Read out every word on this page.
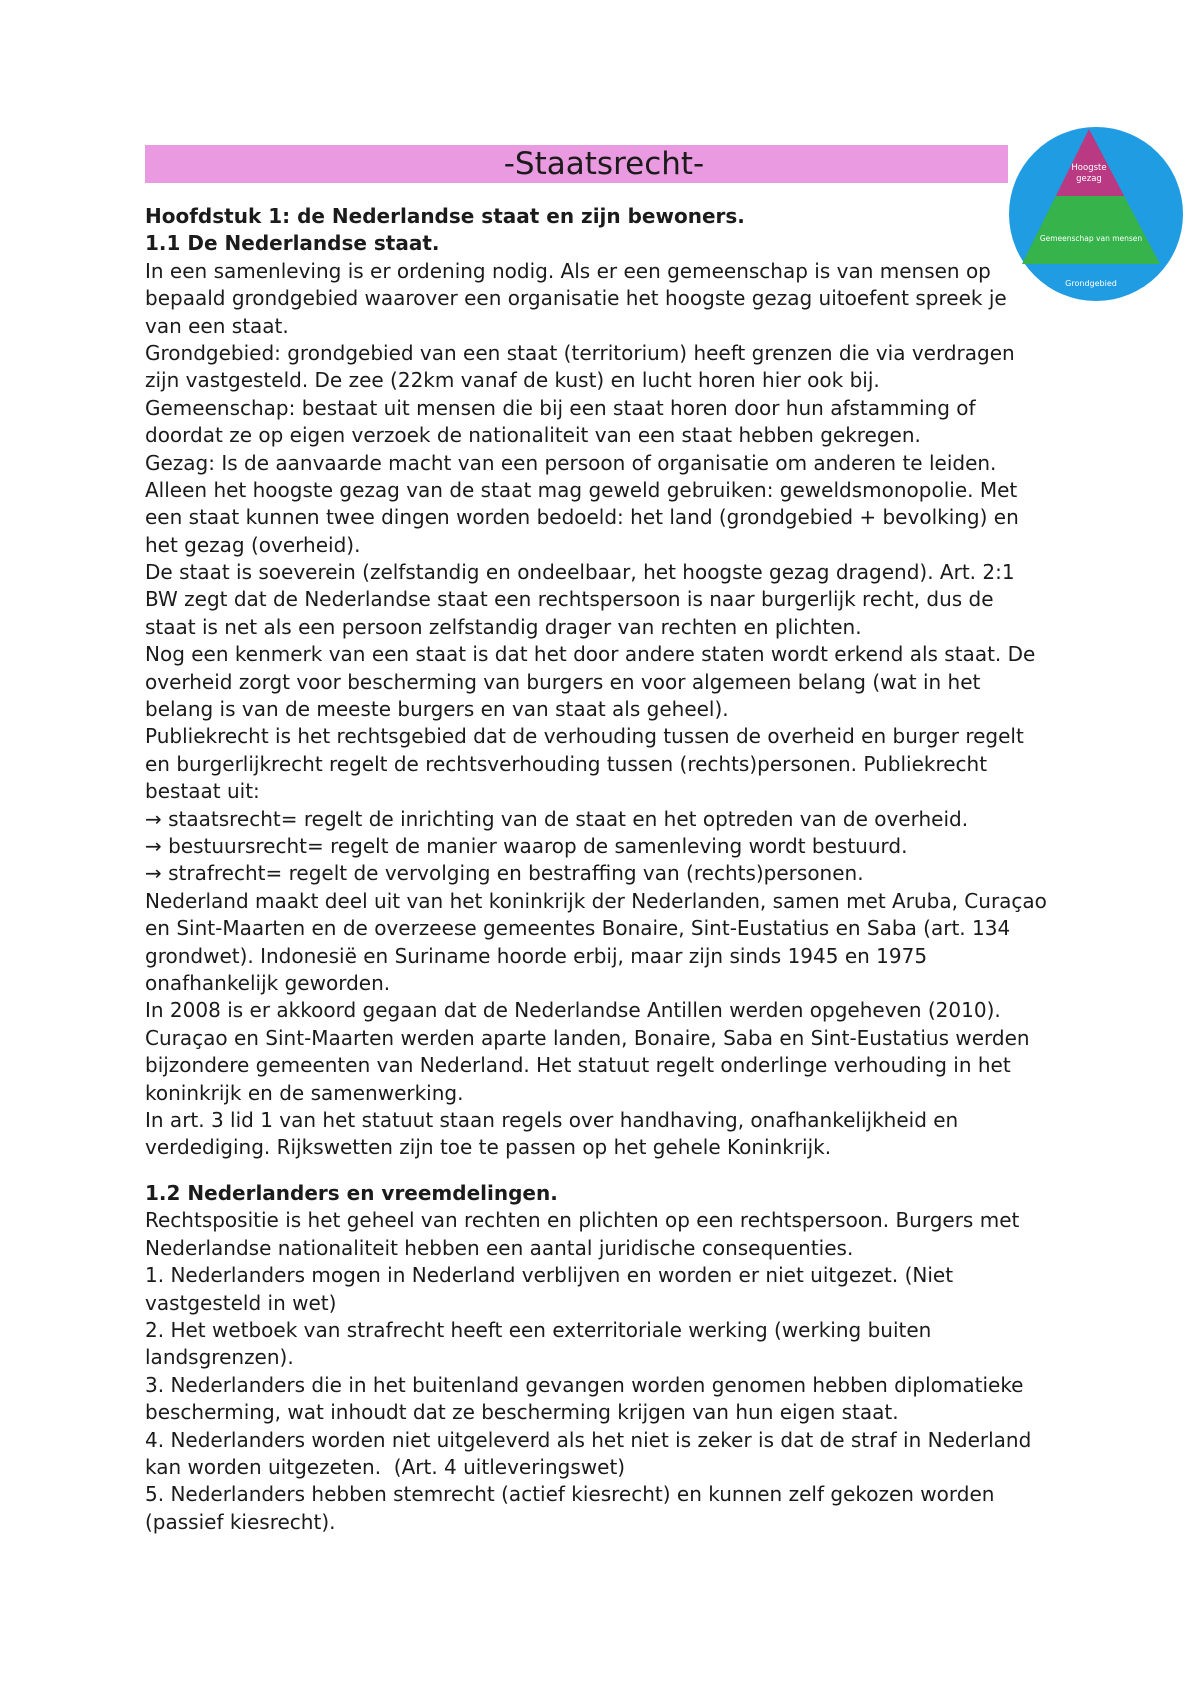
-Staatsrecht-	Hoogste
gezag
Gemeenschap van mensen
Grondgebied
Hoofdstuk 1: de Nederlandse staat en zijn bewoners.
1.1 De Nederlandse staat.
In een samenleving is er ordening nodig. Als er een gemeenschap is van mensen op
bepaald grondgebied waarover een organisatie het hoogste gezag uitoefent spreek je
van een staat.
Grondgebied: grondgebied van een staat (territorium) heeft grenzen die via verdragen
zijn vastgesteld. De zee (22km vanaf de kust) en lucht horen hier ook bij.
Gemeenschap: bestaat uit mensen die bij een staat horen door hun afstamming of
doordat ze op eigen verzoek de nationaliteit van een staat hebben gekregen.
Gezag: Is de aanvaarde macht van een persoon of organisatie om anderen te leiden.
Alleen het hoogste gezag van de staat mag geweld gebruiken: geweldsmonopolie. Met
een staat kunnen twee dingen worden bedoeld: het land (grondgebied + bevolking) en
het gezag (overheid).
De staat is soeverein (zelfstandig en ondeelbaar, het hoogste gezag dragend). Art. 2:1
BW zegt dat de Nederlandse staat een rechtspersoon is naar burgerlijk recht, dus de
staat is net als een persoon zelfstandig drager van rechten en plichten.
Nog een kenmerk van een staat is dat het door andere staten wordt erkend als staat. De
overheid zorgt voor bescherming van burgers en voor algemeen belang (wat in het
belang is van de meeste burgers en van staat als geheel).
Publiekrecht is het rechtsgebied dat de verhouding tussen de overheid en burger regelt
en burgerlijkrecht regelt de rechtsverhouding tussen (rechts)personen. Publiekrecht
bestaat uit:
→ staatsrecht= regelt de inrichting van de staat en het optreden van de overheid.
→ bestuursrecht= regelt de manier waarop de samenleving wordt bestuurd.
→ strafrecht= regelt de vervolging en bestraffing van (rechts)personen.
Nederland maakt deel uit van het koninkrijk der Nederlanden, samen met Aruba, Curaçao
en Sint-Maarten en de overzeese gemeentes Bonaire, Sint-Eustatius en Saba (art. 134
grondwet). Indonesië en Suriname hoorde erbij, maar zijn sinds 1945 en 1975
onafhankelijk geworden.
In 2008 is er akkoord gegaan dat de Nederlandse Antillen werden opgeheven (2010).
Curaçao en Sint-Maarten werden aparte landen, Bonaire, Saba en Sint-Eustatius werden
bijzondere gemeenten van Nederland. Het statuut regelt onderlinge verhouding in het
koninkrijk en de samenwerking.
In art. 3 lid 1 van het statuut staan regels over handhaving, onafhankelijkheid en
verdediging. Rijkswetten zijn toe te passen op het gehele Koninkrijk.
1.2 Nederlanders en vreemdelingen.
Rechtspositie is het geheel van rechten en plichten op een rechtspersoon. Burgers met
Nederlandse nationaliteit hebben een aantal juridische consequenties.
1. Nederlanders mogen in Nederland verblijven en worden er niet uitgezet. (Niet
vastgesteld in wet)
2. Het wetboek van strafrecht heeft een exterritoriale werking (werking buiten
landsgrenzen).
3. Nederlanders die in het buitenland gevangen worden genomen hebben diplomatieke
bescherming, wat inhoudt dat ze bescherming krijgen van hun eigen staat.
4. Nederlanders worden niet uitgeleverd als het niet is zeker is dat de straf in Nederland
kan worden uitgezeten.  (Art. 4 uitleveringswet)
5. Nederlanders hebben stemrecht (actief kiesrecht) en kunnen zelf gekozen worden
(passief kiesrecht).
